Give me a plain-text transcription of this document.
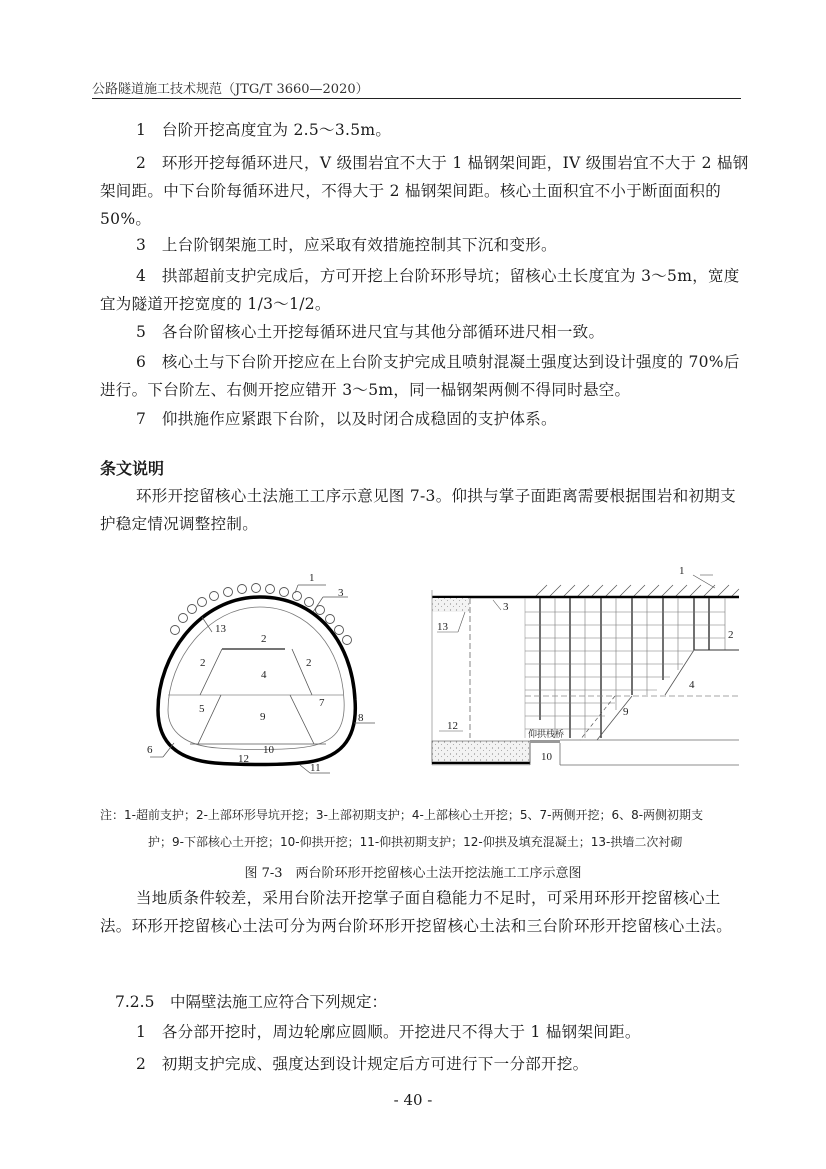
公路隧道施工技术规范（JTG/T 3660—2020）
1 台阶开挖高度宜为 2.5～3.5m。
2 环形开挖每循环进尺，V 级围岩宜不大于 1 榀钢架间距，IV 级围岩宜不大于 2 榀钢架间距。中下台阶每循环进尺，不得大于 2 榀钢架间距。核心土面积宜不小于断面面积的 50%。
3 上台阶钢架施工时，应采取有效措施控制其下沉和变形。
4 拱部超前支护完成后，方可开挖上台阶环形导坑；留核心土长度宜为 3～5m，宽度宜为隧道开挖宽度的 1/3～1/2。
5 各台阶留核心土开挖每循环进尺宜与其他分部循环进尺相一致。
6 核心土与下台阶开挖应在上台阶支护完成且喷射混凝土强度达到设计强度的 70%后进行。下台阶左、右侧开挖应错开 3～5m，同一榀钢架两侧不得同时悬空。
7 仰拱施作应紧跟下台阶，以及时闭合成稳固的支护体系。
条文说明
环形开挖留核心土法施工工序示意见图 7-3。仰拱与掌子面距离需要根据围岩和初期支护稳定情况调整控制。
1
3
13
2
2	2
4
5
9
7
8
6	10
12
11
1
3
13
2
4
9
12
10
仰拱栈桥
注：1-超前支护；2-上部环形导坑开挖；3-上部初期支护；4-上部核心土开挖；5、7-两侧开挖；6、8-两侧初期支
护；9-下部核心土开挖；10-仰拱开挖；11-仰拱初期支护；12-仰拱及填充混凝土；13-拱墙二次衬砌
图 7-3　两台阶环形开挖留核心土法开挖法施工工序示意图
当地质条件较差，采用台阶法开挖掌子面自稳能力不足时，可采用环形开挖留核心土法。环形开挖留核心土法可分为两台阶环形开挖留核心土法和三台阶环形开挖留核心土法。
7.2.5　中隔壁法施工应符合下列规定：
1 各分部开挖时，周边轮廓应圆顺。开挖进尺不得大于 1 榀钢架间距。
2 初期支护完成、强度达到设计规定后方可进行下一分部开挖。
- 40 -
